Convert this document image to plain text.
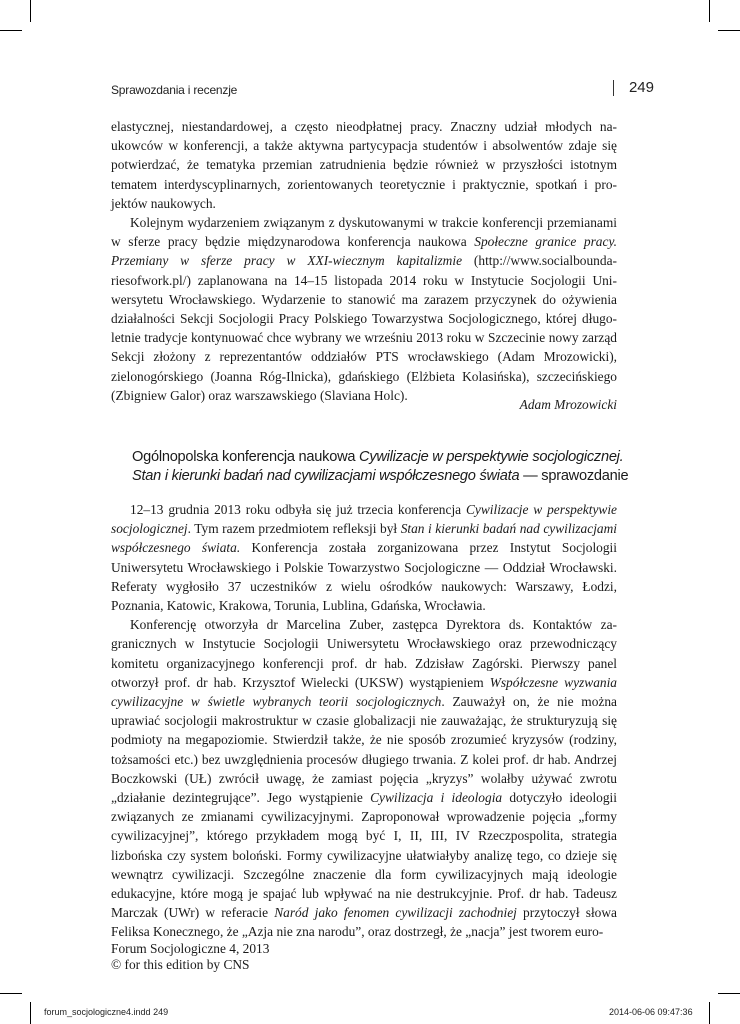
Sprawozdania i recenzje	249

elastycznej, niestandardowej, a często nieodpłatnej pracy. Znaczny udział młodych naukowców w konferencji, a także aktywna partycypacja studentów i absolwentów zdaje się potwierdzać, że tematyka przemian zatrudnienia będzie również w przyszłości istotnym tematem interdyscyplinarnych, zorientowanych teoretycznie i praktycznie, spotkań i projektów naukowych.

Kolejnym wydarzeniem związanym z dyskutowanymi w trakcie konferencji przemianami w sferze pracy będzie międzynarodowa konferencja naukowa Społeczne granice pracy. Przemiany w sferze pracy w XXI-wiecznym kapitalizmie (http://www.socialboundariesofwork.pl/) zaplanowana na 14–15 listopada 2014 roku w Instytucie Socjologii Uniwersytetu Wrocławskiego. Wydarzenie to stanowić ma zarazem przyczynek do ożywienia działalności Sekcji Socjologii Pracy Polskiego Towarzystwa Socjologicznego, której długoletnie tradycje kontynuować chce wybrany we wrześniu 2013 roku w Szczecinie nowy zarząd Sekcji złożony z reprezentantów oddziałów PTS wrocławskiego (Adam Mrozowicki), zielonogórskiego (Joanna Róg-Ilnicka), gdańskiego (Elżbieta Kolasińska), szczecińskiego (Zbigniew Galor) oraz warszawskiego (Slaviana Holc).

Adam Mrozowicki
Ogólnopolska konferencja naukowa Cywilizacje w perspektywie socjologicznej.
Stan i kierunki badań nad cywilizacjami współczesnego świata — sprawozdanie

12–13 grudnia 2013 roku odbyła się już trzecia konferencja Cywilizacje w perspektywie socjologicznej. Tym razem przedmiotem refleksji był Stan i kierunki badań nad cywilizacjami współczesnego świata. Konferencja została zorganizowana przez Instytut Socjologii Uniwersytetu Wrocławskiego i Polskie Towarzystwo Socjologiczne — Oddział Wrocławski. Referaty wygłosiło 37 uczestników z wielu ośrodków naukowych: Warszawy, Łodzi, Poznania, Katowic, Krakowa, Torunia, Lublina, Gdańska, Wrocławia.

Konferencję otworzyła dr Marcelina Zuber, zastępca Dyrektora ds. Kontaktów zagranicznych w Instytucie Socjologii Uniwersytetu Wrocławskiego oraz przewodniczący komitetu organizacyjnego konferencji prof. dr hab. Zdzisław Zagórski. Pierwszy panel otworzył prof. dr hab. Krzysztof Wielecki (UKSW) wystąpieniem Współczesne wyzwania cywilizacyjne w świetle wybranych teorii socjologicznych. Zauważył on, że nie można uprawiać socjologii makrostruktur w czasie globalizacji nie zauważając, że strukturyzują się podmioty na megapoziomie. Stwierdził także, że nie sposób zrozumieć kryzysów (rodziny, tożsamości etc.) bez uwzględnienia procesów długiego trwania. Z kolei prof. dr hab. Andrzej Boczkowski (UŁ) zwrócił uwagę, że zamiast pojęcia „kryzys” wolałby używać zwrotu „działanie dezintegrujące”. Jego wystąpienie Cywilizacja i ideologia dotyczyło ideologii związanych ze zmianami cywilizacyjnymi. Zaproponował wprowadzenie pojęcia „formy cywilizacyjnej”, którego przykładem mogą być I, II, III, IV Rzeczpospolita, strategia lizbońska czy system boloński. Formy cywilizacyjne ułatwiałyby analizę tego, co dzieje się wewnątrz cywilizacji. Szczególne znaczenie dla form cywilizacyjnych mają ideologie edukacyjne, które mogą je spajać lub wpływać na nie destrukcyjnie. Prof. dr hab. Tadeusz Marczak (UWr) w referacie Naród jako fenomen cywilizacji zachodniej przytoczył słowa Feliksa Konecznego, że „Azja nie zna narodu”, oraz dostrzegł, że „nacja” jest tworem euro-

Forum Socjologiczne 4, 2013
© for this edition by CNS
forum_socjologiczne4.indd 249	2014-06-06 09:47:36
